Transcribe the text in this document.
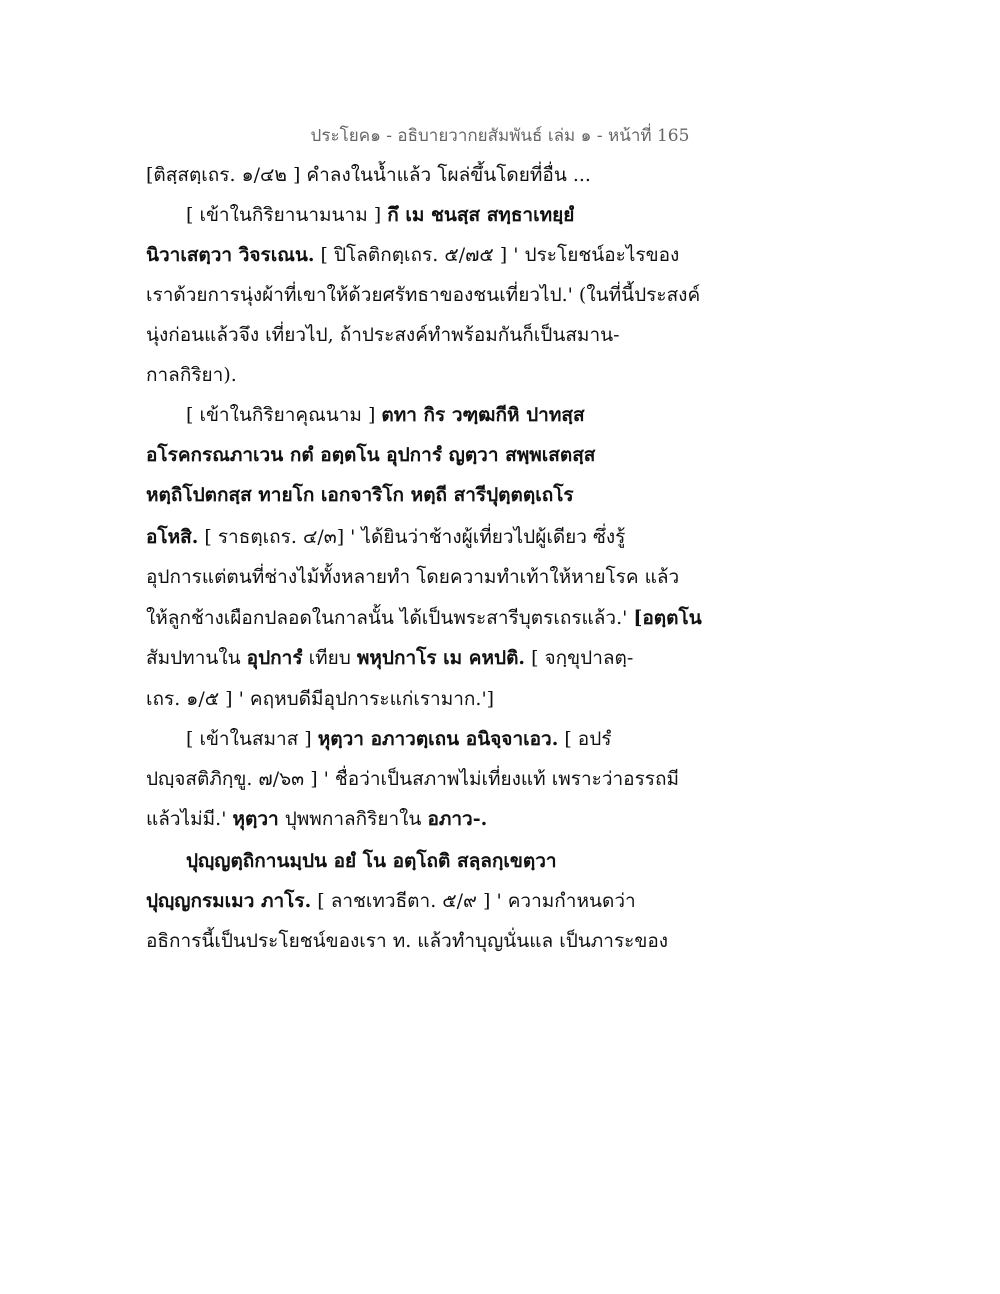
ประโยค๑ - อธิบายวากยสัมพันธ์ เล่ม ๑ - หน้าที่ 165
[ติสฺสตฺเถร. ๑/๔๒ ] คำลงในน้ำแล้ว โผล่ขึ้นโดยที่อื่น ...
[ เข้าในกิริยานามนาม ] กึ เม ชนสฺส สทฺธาเทยฺยํ
นิวาเสตฺวา วิจรเณน. [ ปิโลติกตฺเถร. ๕/๗๕ ] ' ประโยชน์อะไรของ
เราด้วยการนุ่งผ้าที่เขาให้ด้วยศรัทธาของชนเที่ยวไป.' (ในที่นี้ประสงค์
นุ่งก่อนแล้วจึง เที่ยวไป, ถ้าประสงค์ทำพร้อมกันก็เป็นสมาน-
กาลกิริยา).
[ เข้าในกิริยาคุณนาม ] ตทา กิร วฑฺฒกีหิ ปาทสฺส
อโรคกรณภาเวน กตํ อตฺตโน อุปการํ ญตฺวา สพฺพเสตสฺส
หตฺถิโปตกสฺส ทายโก เอกจาริโก หตฺถี สารีปุตฺตตฺเถโร
อโหสิ. [ ราธตฺเถร. ๔/๓] ' ได้ยินว่าช้างผู้เที่ยวไปผู้เดียว ซึ่งรู้
อุปการแต่ตนที่ช่างไม้ทั้งหลายทำ โดยความทำเท้าให้หายโรค แล้ว
ให้ลูกช้างเผือกปลอดในกาลนั้น ได้เป็นพระสารีบุตรเถรแล้ว.' [อตฺตโน
สัมปทานใน อุปการํ เทียบ พหุปกาโร เม คหปติ. [ จกฺขุปาลตฺ-
เถร. ๑/๕ ] ' คฤหบดีมีอุปการะแก่เรามาก.']
[ เข้าในสมาส ] หุตฺวา อภาวตฺเถน อนิจฺจาเอว. [ อปรํ
ปญฺจสติภิกฺขู. ๗/๖๓ ] ' ชื่อว่าเป็นสภาพไม่เที่ยงแท้ เพราะว่าอรรถมี
แล้วไม่มี.' หุตฺวา ปุพพกาลกิริยาใน อภาว-.
ปุญฺญตฺถิกานมฺปน อยํ โน อตฺโถติ สลฺลกฺเขตฺวา
ปุญฺญกรมเมว ภาโร. [ ลาชเทวธีตา. ๕/๙ ] ' ความกำหนดว่า
อธิการนี้เป็นประโยชน์ของเรา ท. แล้วทำบุญนั่นแล เป็นภาระของ
